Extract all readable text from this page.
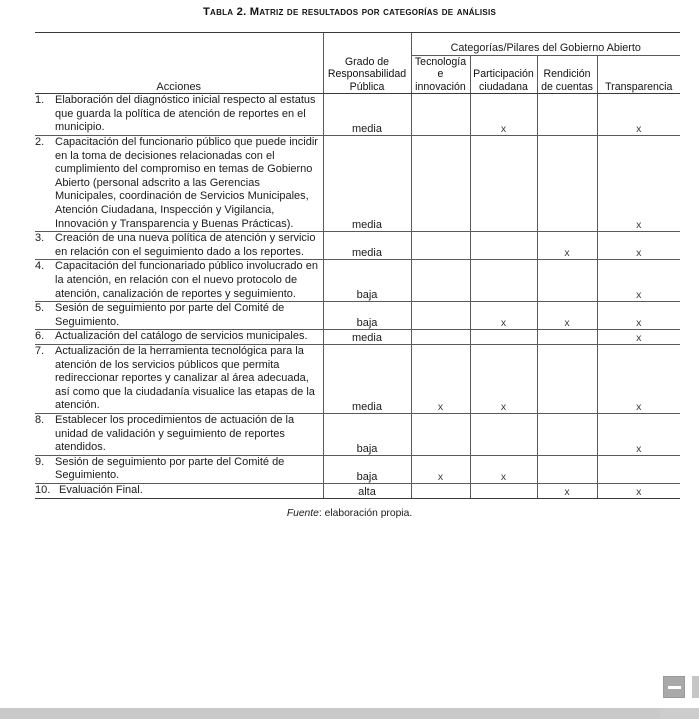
Tabla 2. Matriz de resultados por categorías de análisis
		Categorías/Pilares del Gobierno Abierto			
Acciones	Grado de Responsabilidad Pública	Tecnología e innovación	Participación ciudadana	Rendición de cuentas	Transparencia
1. Elaboración del diagnóstico inicial respecto al estatus que guarda la política de atención de reportes en el municipio.	media		x		x
2. Capacitación del funcionario público que puede incidir en la toma de decisiones relacionadas con el cumplimiento del compromiso en temas de Gobierno Abierto (personal adscrito a las Gerencias Municipales, coordinación de Servicios Municipales, Atención Ciudadana, Inspección y Vigilancia, Innovación y Transparencia y Buenas Prácticas).	media				x
3. Creación de una nueva política de atención y servicio en relación con el seguimiento dado a los reportes.	media			x	x
4. Capacitación del funcionariado público involucrado en la atención, en relación con el nuevo protocolo de atención, canalización de reportes y seguimiento.	baja				x
5. Sesión de seguimiento por parte del Comité de Seguimiento.	baja		x	x	x
6. Actualización del catálogo de servicios municipales.	media				x
7. Actualización de la herramienta tecnológica para la atención de los servicios públicos que permita redireccionar reportes y canalizar al área adecuada, así como que la ciudadanía visualice las etapas de la atención.	media	x	x		x
8. Establecer los procedimientos de actuación de la unidad de validación y seguimiento de reportes atendidos.	baja				x
9. Sesión de seguimiento por parte del Comité de Seguimiento.	baja	x	x		
10. Evaluación Final.	alta			x	x
Fuente: elaboración propia.
